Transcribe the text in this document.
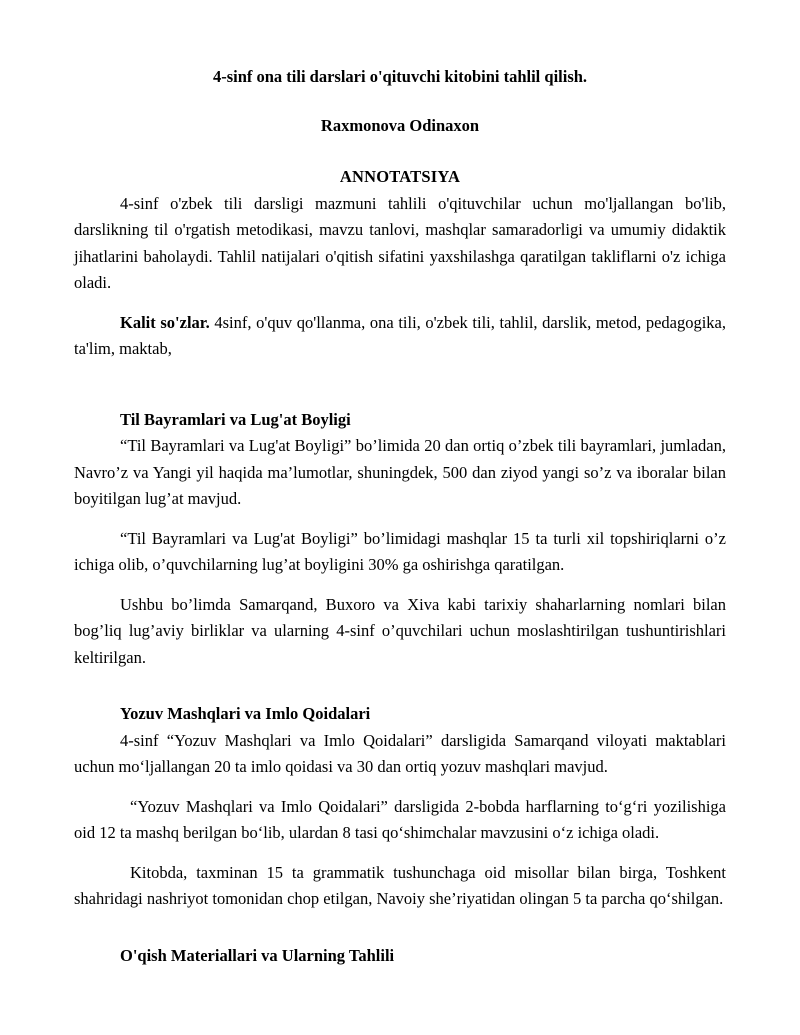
4-sinf ona tili darslari o'qituvchi kitobini tahlil qilish.

Raxmonova Odinaxon

ANNOTATSIYA

4-sinf o'zbek tili darsligi mazmuni tahlili o'qituvchilar uchun mo'ljallangan bo'lib, darslikning til o'rgatish metodikasi, mavzu tanlovi, mashqlar samaradorligi va umumiy didaktik jihatlarini baholaydi. Tahlil natijalari o'qitish sifatini yaxshilashga qaratilgan takliflarni o'z ichiga oladi.

Kalit so'zlar. 4sinf, o'quv qo'llanma, ona tili, o'zbek tili, tahlil, darslik, metod, pedagogika, ta'lim, maktab,

Til Bayramlari va Lug'at Boyligi

“Til Bayramlari va Lug'at Boyligi” bo’limida 20 dan ortiq o’zbek tili bayramlari, jumladan, Navro’z va Yangi yil haqida ma’lumotlar, shuningdek, 500 dan ziyod yangi so’z va iboralar bilan boyitilgan lug’at mavjud.

“Til Bayramlari va Lug'at Boyligi” bo’limidagi mashqlar 15 ta turli xil topshiriqlarni o’z ichiga olib, o’quvchilarning lug’at boyligini 30% ga oshirishga qaratilgan.

Ushbu bo’limda Samarqand, Buxoro va Xiva kabi tarixiy shaharlarning nomlari bilan bog’liq lug’aviy birliklar va ularning 4-sinf o’quvchilari uchun moslashtirilgan tushuntirishlari keltirilgan.

Yozuv Mashqlari va Imlo Qoidalari

4-sinf “Yozuv Mashqlari va Imlo Qoidalari” darsligida Samarqand viloyati maktablari uchun mo‘ljallangan 20 ta imlo qoidasi va 30 dan ortiq yozuv mashqlari mavjud.

“Yozuv Mashqlari va Imlo Qoidalari” darsligida 2-bobda harflarning to‘g‘ri yozilishiga oid 12 ta mashq berilgan bo‘lib, ulardan 8 tasi qo‘shimchalar mavzusini o‘z ichiga oladi.

Kitobda, taxminan 15 ta grammatik tushunchaga oid misollar bilan birga, Toshkent shahridagi nashriyot tomonidan chop etilgan, Navoiy she’riyatidan olingan 5 ta parcha qo‘shilgan.

O'qish Materiallari va Ularning Tahlili
